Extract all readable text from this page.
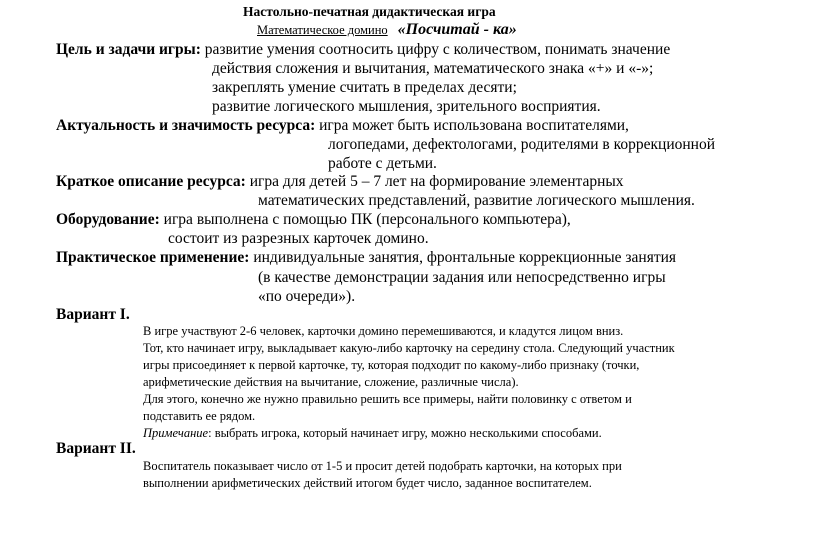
Настольно-печатная дидактическая игра
Математическое домино «Посчитай - ка»
Цель и задачи игры: развитие умения соотносить цифру с количеством, понимать значение
действия сложения и вычитания, математического знака «+» и «-»;
закреплять умение считать в пределах десяти;
развитие логического мышления, зрительного восприятия.
Актуальность и значимость ресурса: игра может быть использована воспитателями,
логопедами, дефектологами, родителями в коррекционной
работе с детьми.
Краткое описание ресурса: игра для детей 5 – 7 лет на формирование элементарных
математических представлений, развитие логического мышления.
Оборудование: игра выполнена с помощью ПК (персонального компьютера),
состоит из разрезных карточек домино.
Практическое применение: индивидуальные занятия, фронтальные коррекционные занятия
(в качестве демонстрации задания или непосредственно игры
«по очереди»).
Вариант I.
В игре участвуют 2-6 человек, карточки домино перемешиваются, и кладутся лицом вниз.
Тот, кто начинает игру, выкладывает какую-либо карточку на середину стола. Следующий участник
игры присоединяет к первой карточке, ту, которая подходит по какому-либо признаку (точки,
арифметические действия на вычитание, сложение, различные числа).
Для этого, конечно же нужно правильно решить все примеры, найти половинку с ответом и
подставить ее рядом.
Примечание: выбрать игрока, который начинает игру, можно несколькими способами.
Вариант II.
Воспитатель показывает число от 1-5 и просит детей подобрать карточки, на которых при
выполнении арифметических действий итогом будет число, заданное воспитателем.
